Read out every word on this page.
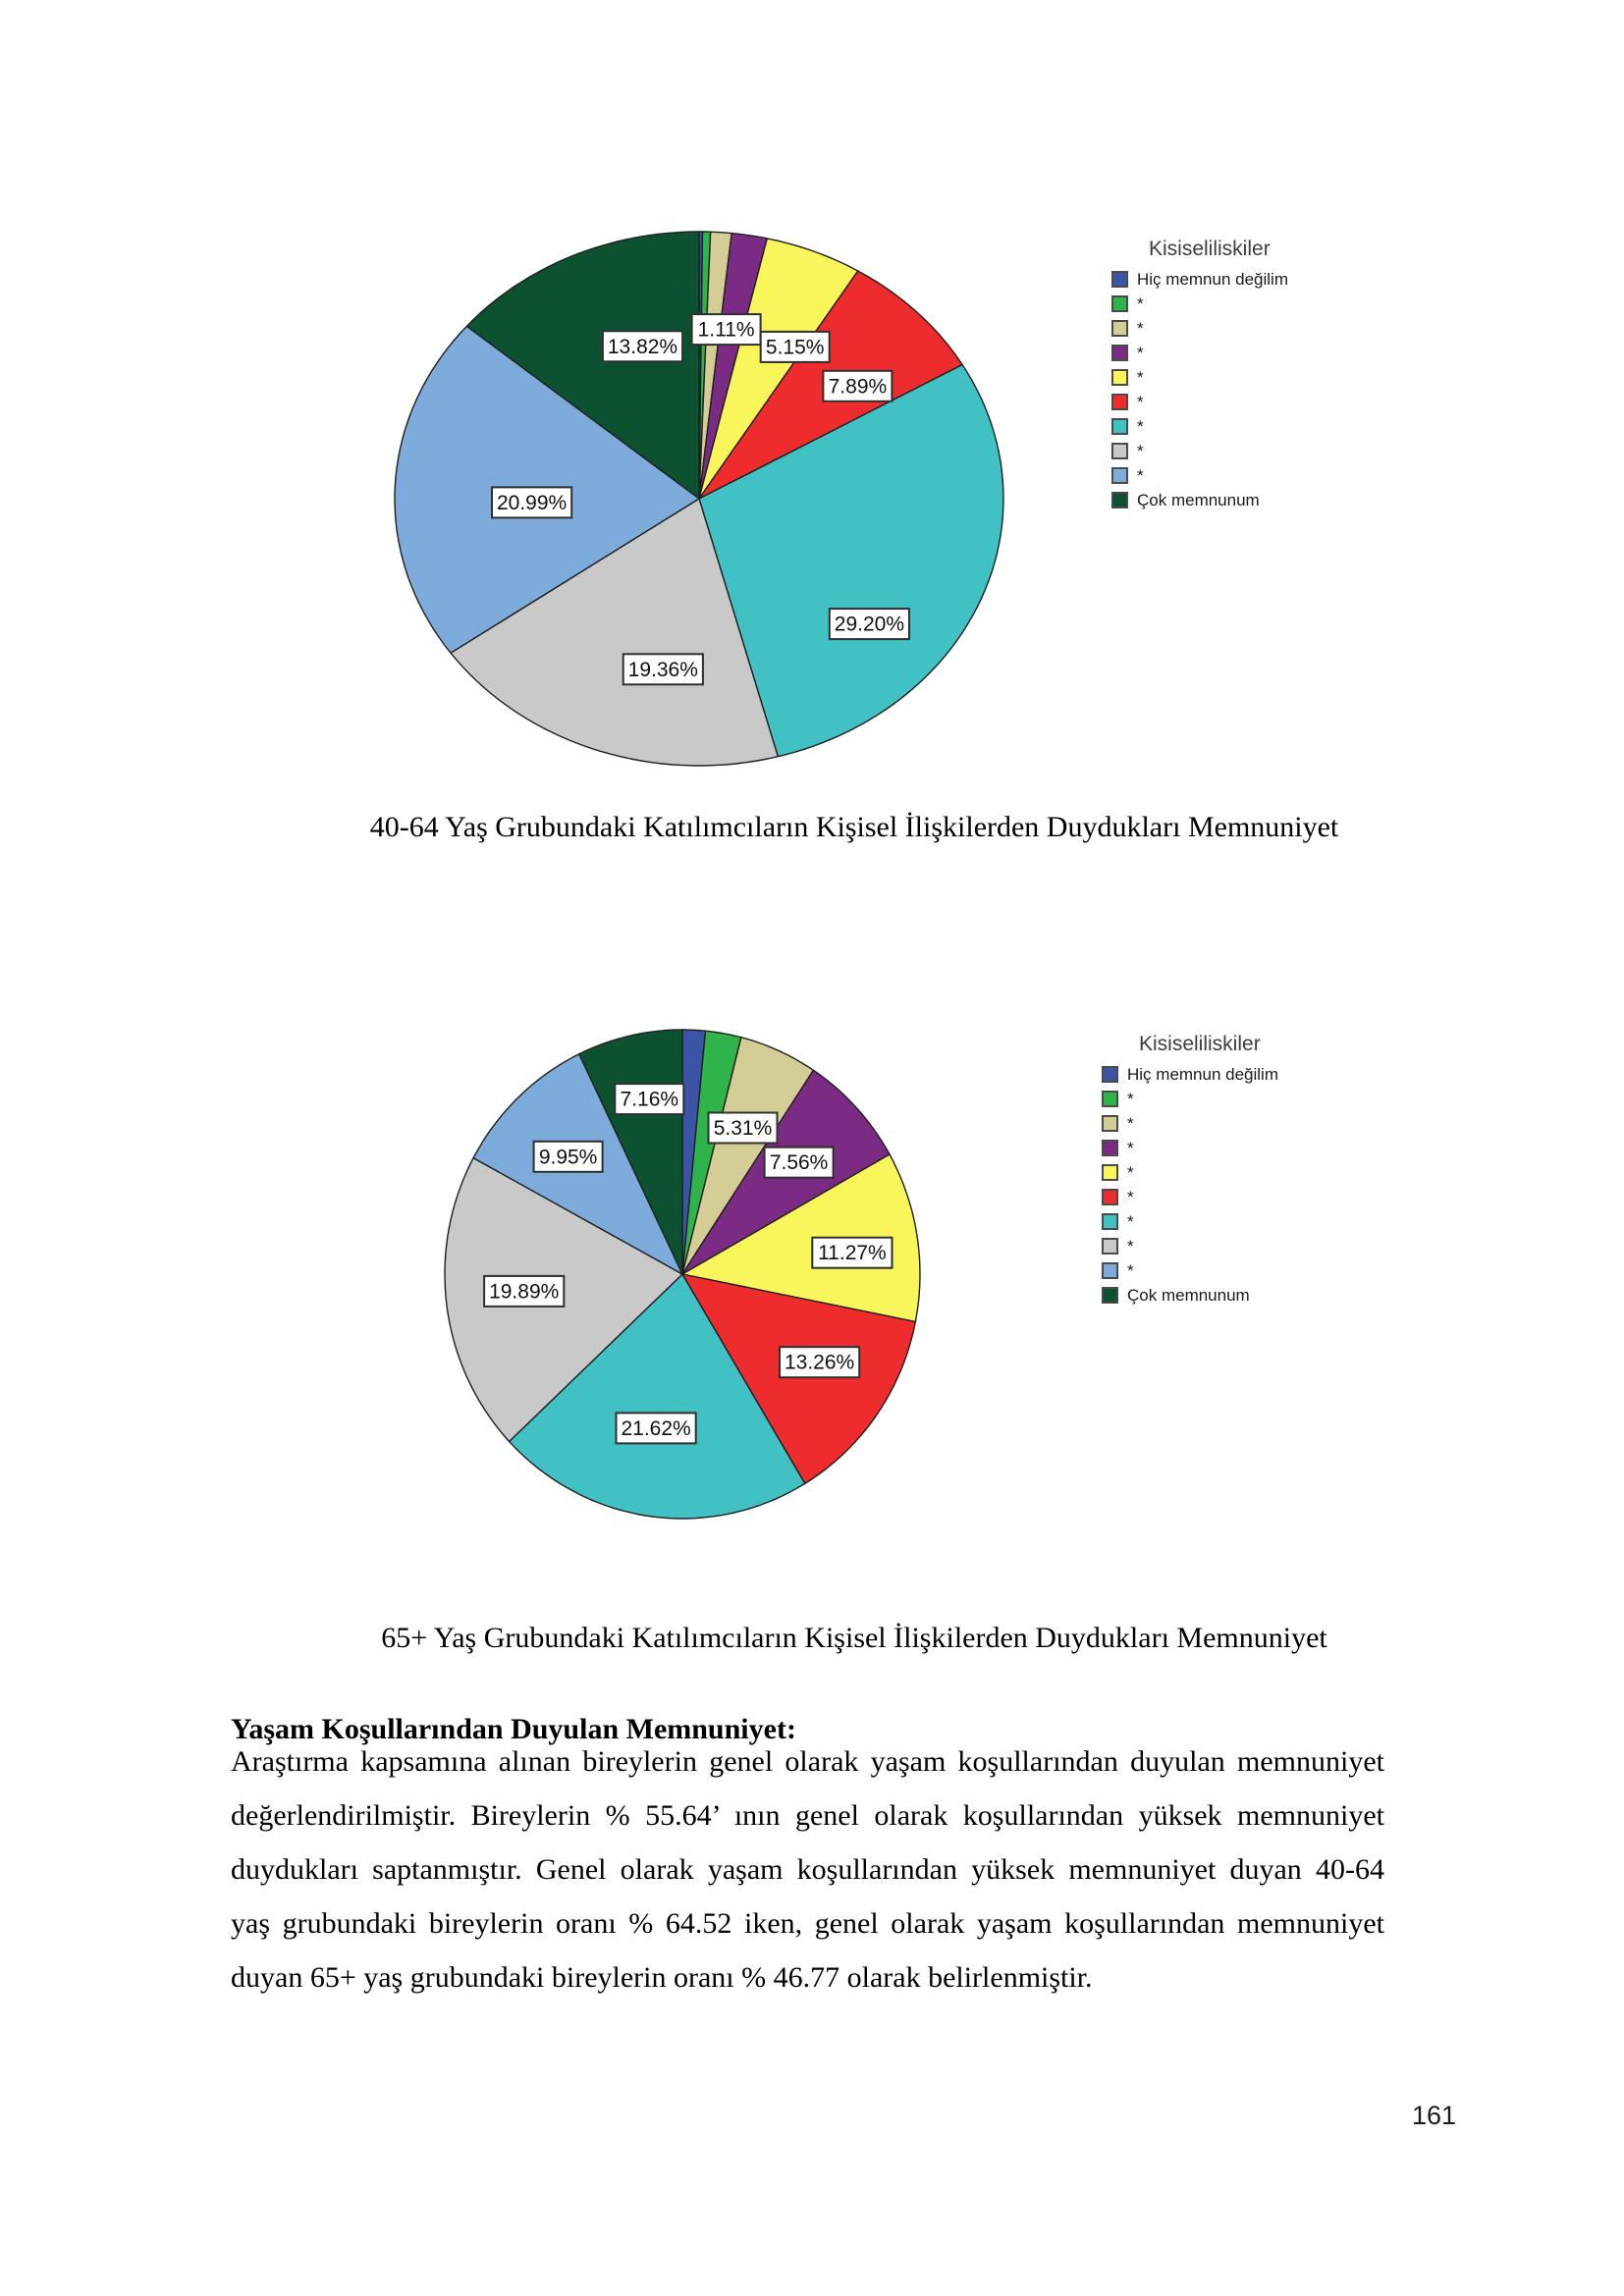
1.11%
5.15%
7.89%
29.20%
19.36%
20.99%
13.82%
Kisiseliliskiler
Hiç memnun değilim
*
*
*
*
*
*
*
*
Çok memnunum
40-64 Yaş Grubundaki Katılımcıların Kişisel İlişkilerden Duydukları Memnuniyet
5.31%
7.56%
11.27%
13.26%
21.62%
19.89%
9.95%
7.16%
Kisiseliliskiler
Hiç memnun değilim
*
*
*
*
*
*
*
*
Çok memnunum
65+ Yaş Grubundaki Katılımcıların Kişisel İlişkilerden Duydukları Memnuniyet
Yaşam Koşullarından Duyulan Memnuniyet:
Araştırma kapsamına alınan bireylerin genel olarak yaşam koşullarından duyulan memnuniyet
değerlendirilmiştir. Bireylerin % 55.64’ ının genel olarak koşullarından yüksek memnuniyet
duydukları saptanmıştır. Genel olarak yaşam koşullarından yüksek memnuniyet duyan 40-64
yaş grubundaki bireylerin oranı % 64.52 iken, genel olarak yaşam koşullarından memnuniyet
duyan 65+ yaş grubundaki bireylerin oranı % 46.77 olarak belirlenmiştir.
161
